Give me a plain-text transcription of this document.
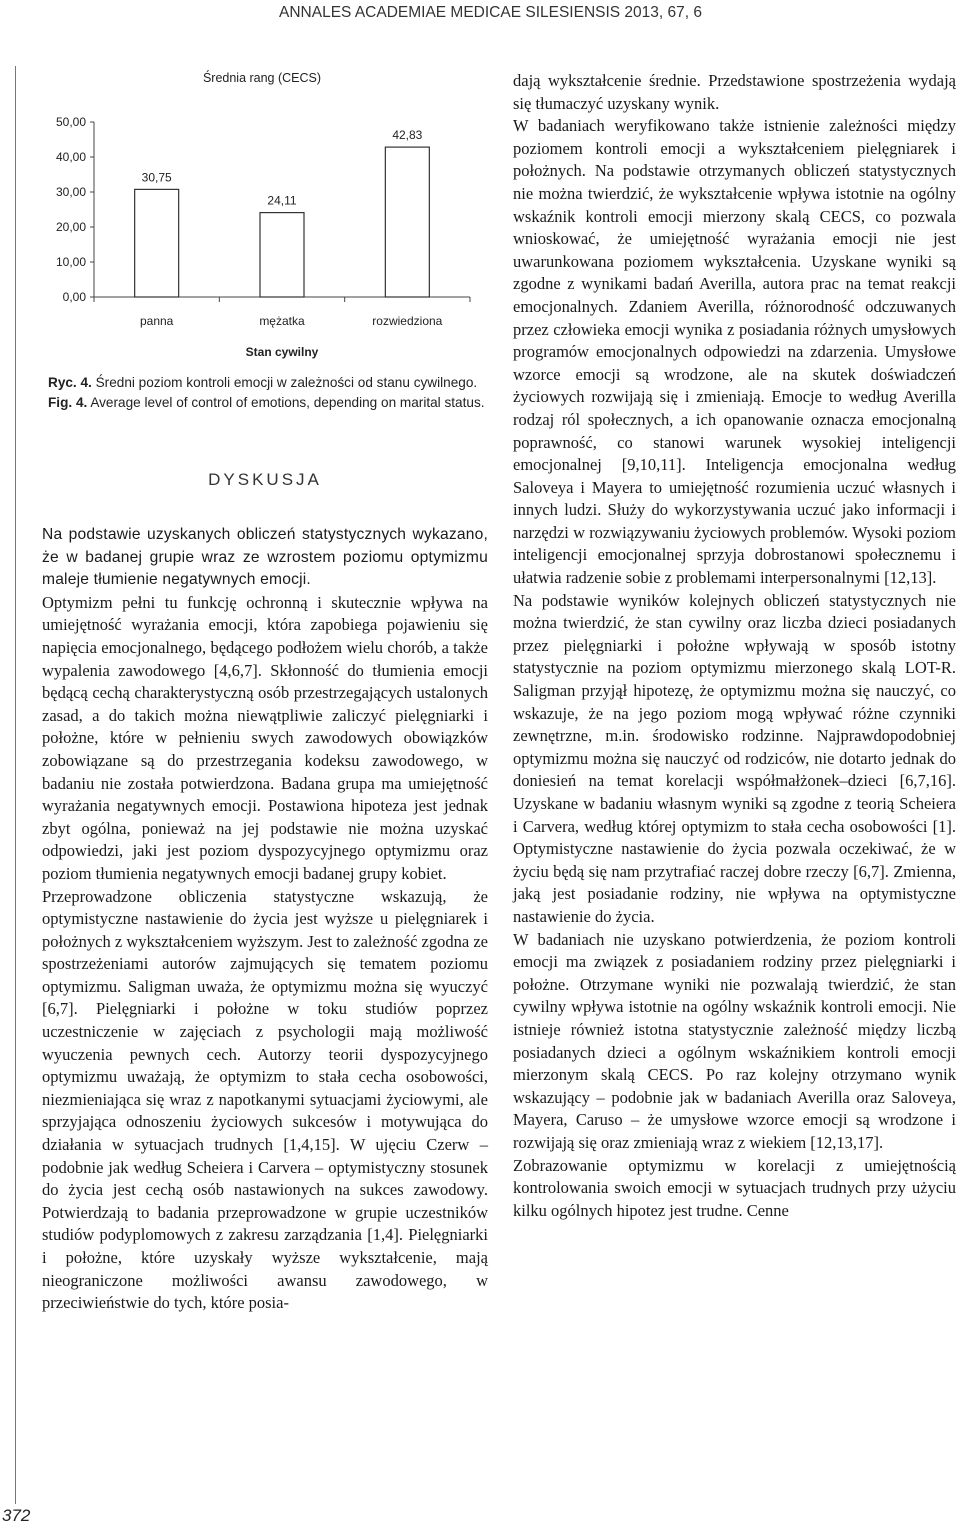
ANNALES ACADEMIAE MEDICAE SILESIENSIS 2013, 67, 6
372
Średnia rang (CECS)
0,00
10,00
20,00
30,00
40,00
50,00
30,75
panna
24,11
mężatka
42,83
rozwiedziona
Stan cywilny
Ryc. 4. Średni poziom kontroli emocji w zależności od stanu cywilnego.
Fig. 4. Average level of control of emotions, depending on marital status.
DYSKUSJA

Na podstawie uzyskanych obliczeń statystycznych wykazano, że w badanej grupie wraz ze wzrostem poziomu optymizmu maleje tłumienie negatywnych emocji.

Optymizm pełni tu funkcję ochronną i skutecznie wpływa na umiejętność wyrażania emocji, która zapobiega pojawieniu się napięcia emocjonalnego, będącego podłożem wielu chorób, a także wypalenia zawodowego [4,6,7]. Skłonność do tłumienia emocji będącą cechą charakterystyczną osób przestrzegających ustalonych zasad, a do takich można niewątpliwie zaliczyć pielęgniarki i położne, które w pełnieniu swych zawodowych obowiązków zobowiązane są do przestrzegania kodeksu zawodowego, w badaniu nie została potwierdzona. Badana grupa ma umiejętność wyrażania negatywnych emocji. Postawiona hipoteza jest jednak zbyt ogólna, ponieważ na jej podstawie nie można uzyskać odpowiedzi, jaki jest poziom dyspozycyjnego optymizmu oraz poziom tłumienia negatywnych emocji badanej grupy kobiet.

Przeprowadzone obliczenia statystyczne wskazują, że optymistyczne nastawienie do życia jest wyższe u pielęgniarek i położnych z wykształceniem wyższym. Jest to zależność zgodna ze spostrzeżeniami autorów zajmujących się tematem poziomu optymizmu. Saligman uważa, że optymizmu można się wyuczyć [6,7]. Pielęgniarki i położne w toku studiów poprzez uczestniczenie w zajęciach z psychologii mają możliwość wyuczenia pewnych cech. Autorzy teorii dyspozycyjnego optymizmu uważają, że optymizm to stała cecha osobowości, niezmieniająca się wraz z napotkanymi sytuacjami życiowymi, ale sprzyjająca odnoszeniu życiowych sukcesów i motywująca do działania w sytuacjach trudnych [1,4,15]. W ujęciu Czerw – podobnie jak według Scheiera i Carvera – optymistyczny stosunek do życia jest cechą osób nastawionych na sukces zawodowy. Potwierdzają to badania przeprowadzone w grupie uczestników studiów podyplomowych z zakresu zarządzania [1,4]. Pielęgniarki i położne, które uzyskały wyższe wykształcenie, mają nieograniczone możliwości awansu zawodowego, w przeciwieństwie do tych, które posia-

dają wykształcenie średnie. Przedstawione spostrzeżenia wydają się tłumaczyć uzyskany wynik.

W badaniach weryfikowano także istnienie zależności między poziomem kontroli emocji a wykształceniem pielęgniarek i położnych. Na podstawie otrzymanych obliczeń statystycznych nie można twierdzić, że wykształcenie wpływa istotnie na ogólny wskaźnik kontroli emocji mierzony skalą CECS, co pozwala wnioskować, że umiejętność wyrażania emocji nie jest uwarunkowana poziomem wykształcenia. Uzyskane wyniki są zgodne z wynikami badań Averilla, autora prac na temat reakcji emocjonalnych. Zdaniem Averilla, różnorodność odczuwanych przez człowieka emocji wynika z posiadania różnych umysłowych programów emocjonalnych odpowiedzi na zdarzenia. Umysłowe wzorce emocji są wrodzone, ale na skutek doświadczeń życiowych rozwijają się i zmieniają. Emocje to według Averilla rodzaj ról społecznych, a ich opanowanie oznacza emocjonalną poprawność, co stanowi warunek wysokiej inteligencji emocjonalnej [9,10,11]. Inteligencja emocjonalna według Saloveya i Mayera to umiejętność rozumienia uczuć własnych i innych ludzi. Służy do wykorzystywania uczuć jako informacji i narzędzi w rozwiązywaniu życiowych problemów. Wysoki poziom inteligencji emocjonalnej sprzyja dobrostanowi społecznemu i ułatwia radzenie sobie z problemami interpersonalnymi [12,13].

Na podstawie wyników kolejnych obliczeń statystycznych nie można twierdzić, że stan cywilny oraz liczba dzieci posiadanych przez pielęgniarki i położne wpływają w sposób istotny statystycznie na poziom optymizmu mierzonego skalą LOT-R. Saligman przyjął hipotezę, że optymizmu można się nauczyć, co wskazuje, że na jego poziom mogą wpływać różne czynniki zewnętrzne, m.in. środowisko rodzinne. Najprawdopodobniej optymizmu można się nauczyć od rodziców, nie dotarto jednak do doniesień na temat korelacji współmałżonek–dzieci [6,7,16]. Uzyskane w badaniu własnym wyniki są zgodne z teorią Scheiera i Carvera, według której optymizm to stała cecha osobowości [1]. Optymistyczne nastawienie do życia pozwala oczekiwać, że w życiu będą się nam przytrafiać raczej dobre rzeczy [6,7]. Zmienna, jaką jest posiadanie rodziny, nie wpływa na optymistyczne nastawienie do życia.

W badaniach nie uzyskano potwierdzenia, że poziom kontroli emocji ma związek z posiadaniem rodziny przez pielęgniarki i położne. Otrzymane wyniki nie pozwalają twierdzić, że stan cywilny wpływa istotnie na ogólny wskaźnik kontroli emocji. Nie istnieje również istotna statystycznie zależność między liczbą posiadanych dzieci a ogólnym wskaźnikiem kontroli emocji mierzonym skalą CECS. Po raz kolejny otrzymano wynik wskazujący – podobnie jak w badaniach Averilla oraz Saloveya, Mayera, Caruso – że umysłowe wzorce emocji są wrodzone i rozwijają się oraz zmieniają wraz z wiekiem [12,13,17].

Zobrazowanie optymizmu w korelacji z umiejętnością kontrolowania swoich emocji w sytuacjach trudnych przy użyciu kilku ogólnych hipotez jest trudne. Cenne
